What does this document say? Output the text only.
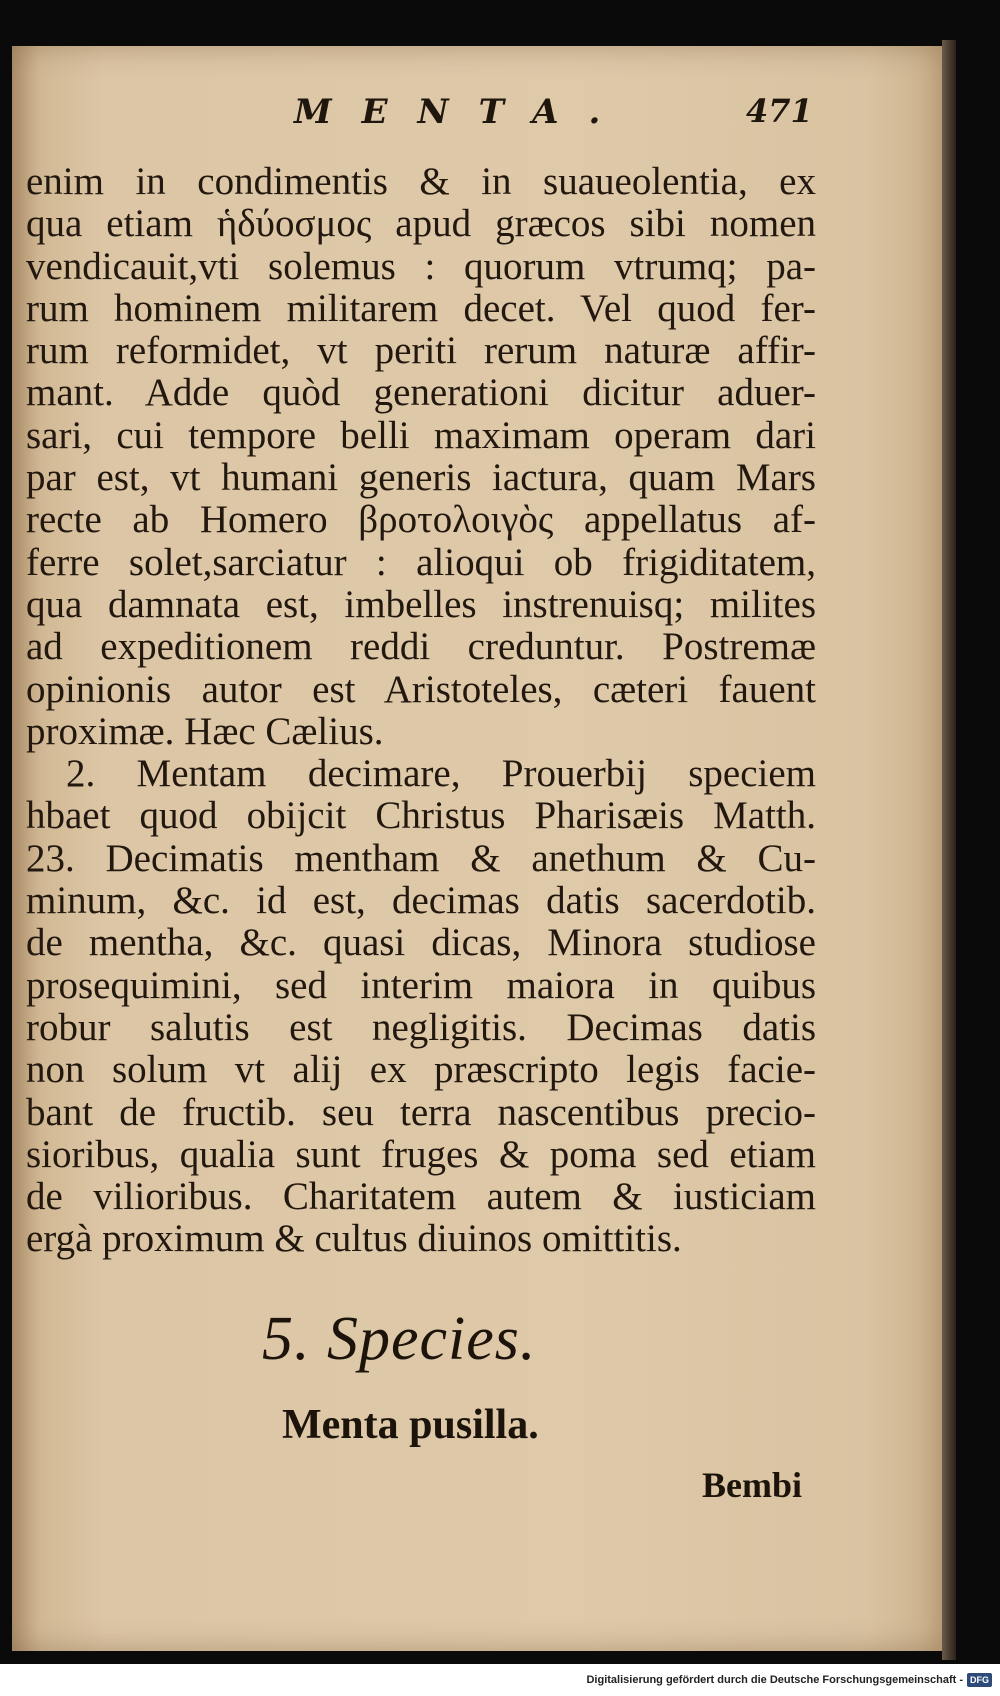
MENTA.	471
enim in condimentis & in suaueolentia, ex
qua etiam ἡδύοσμος apud græcos sibi nomen
vendicauit,vti solemus : quorum vtrumq; pa-
rum hominem militarem decet. Vel quod fer-
rum reformidet, vt periti rerum naturæ affir-
mant. Adde quòd generationi dicitur aduer-
sari, cui tempore belli maximam operam dari
par est, vt humani generis iactura, quam Mars
recte ab Homero βροτολοιγὸς appellatus af-
ferre solet,sarciatur : alioqui ob frigiditatem,
qua damnata est, imbelles instrenuisq; milites
ad expeditionem reddi creduntur. Postremæ
opinionis autor est Aristoteles, cæteri fauent
proximæ. Hæc Cælius.
2. Mentam decimare, Prouerbij speciem
hbaet quod obijcit Christus Pharisæis Matth.
23. Decimatis mentham & anethum & Cu-
minum, &c. id est, decimas datis sacerdotib.
de mentha, &c. quasi dicas, Minora studiose
prosequimini, sed interim maiora in quibus
robur salutis est negligitis. Decimas datis
non solum vt alij ex præscripto legis facie-
bant de fructib. seu terra nascentibus precio-
sioribus, qualia sunt fruges & poma sed etiam
de vilioribus. Charitatem autem & iusticiam
ergà proximum & cultus diuinos omittitis.
5. Species.
Menta pusilla.
Bembi
Digitalisierung gefördert durch die Deutsche Forschungsgemeinschaft - DFG
